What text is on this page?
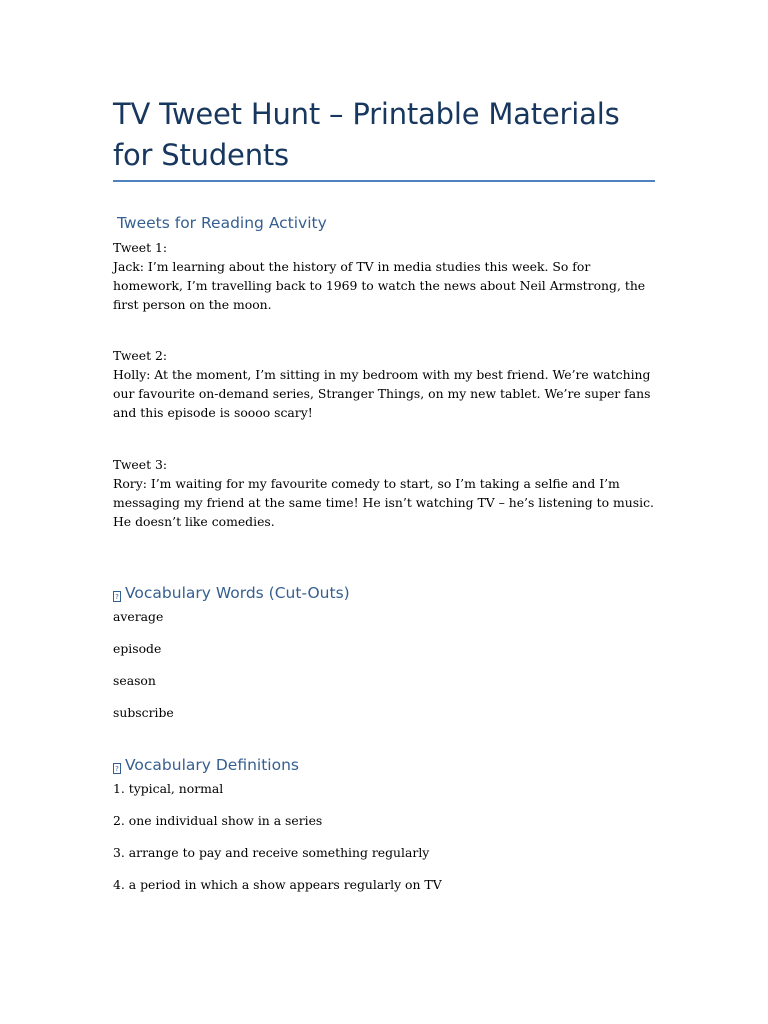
TV Tweet Hunt – Printable Materials for Students
Tweets for Reading Activity
Tweet 1:
Jack: I’m learning about the history of TV in media studies this week. So for homework, I’m travelling back to 1969 to watch the news about Neil Armstrong, the first person on the moon.
Tweet 2:
Holly: At the moment, I’m sitting in my bedroom with my best friend. We’re watching our favourite on-demand series, Stranger Things, on my new tablet. We’re super fans and this episode is soooo scary!
Tweet 3:
Rory: I’m waiting for my favourite comedy to start, so I’m taking a selfie and I’m messaging my friend at the same time! He isn’t watching TV – he’s listening to music. He doesn’t like comedies.
? Vocabulary Words (Cut-Outs)

average

episode

season

subscribe

? Vocabulary Definitions

1. typical, normal

2. one individual show in a series

3. arrange to pay and receive something regularly

4. a period in which a show appears regularly on TV
